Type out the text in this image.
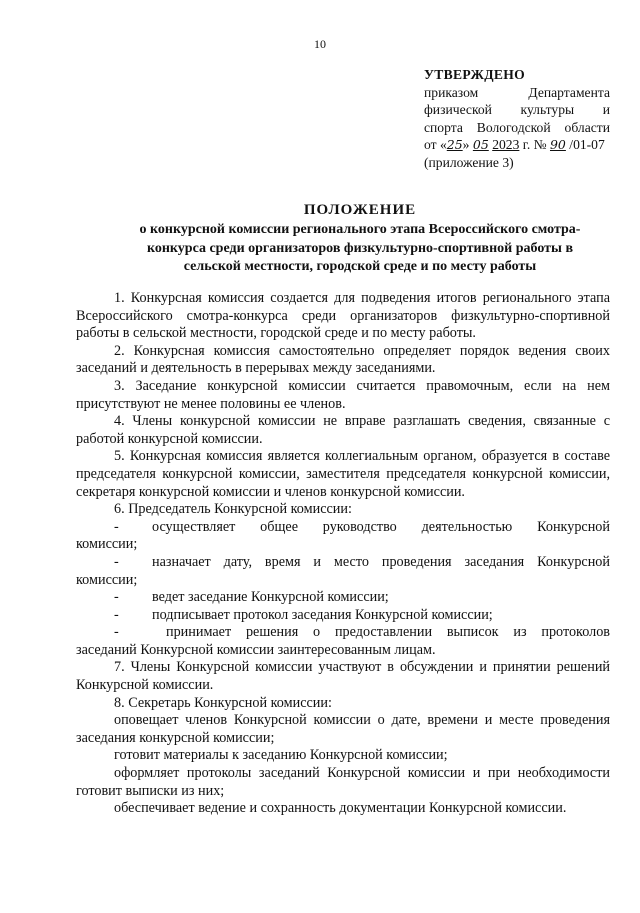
10
УТВЕРЖДЕНО
приказом Департамента
физической культуры и
спорта Вологодской области
от «25» 05 2023 г. № 90 /01-07
(приложение 3)
ПОЛОЖЕНИЕ
о конкурсной комиссии регионального этапа Всероссийского смотра-
конкурса среди организаторов физкультурно-спортивной работы в
сельской местности, городской среде и по месту работы

1. Конкурсная комиссия создается для подведения итогов регионального этапа Всероссийского смотра-конкурса среди организаторов физкультурно-спортивной работы в сельской местности, городской среде и по месту работы.

2. Конкурсная комиссия самостоятельно определяет порядок ведения своих заседаний и деятельность в перерывах между заседаниями.

3. Заседание конкурсной комиссии считается правомочным, если на нем присутствуют не менее половины ее членов.

4. Члены конкурсной комиссии не вправе разглашать сведения, связанные с работой конкурсной комиссии.

5. Конкурсная комиссия является коллегиальным органом, образуется в составе председателя конкурсной комиссии, заместителя председателя конкурсной комиссии, секретаря конкурсной комиссии и членов конкурсной комиссии.

6. Председатель Конкурсной комиссии:

- осуществляет общее руководство деятельностью Конкурсной

комиссии;

- назначает дату, время и место проведения заседания Конкурсной

комиссии;

- ведет заседание Конкурсной комиссии;

- подписывает протокол заседания Конкурсной комиссии;

-	принимает решения о предоставлении выписок из протоколов

заседаний Конкурсной комиссии заинтересованным лицам.

7. Члены Конкурсной комиссии участвуют в обсуждении и принятии решений Конкурсной комиссии.

8. Секретарь Конкурсной комиссии:

оповещает членов Конкурсной комиссии о дате, времени и месте проведения заседания конкурсной комиссии;

готовит материалы к заседанию Конкурсной комиссии;

оформляет протоколы заседаний Конкурсной комиссии и при необходимости готовит выписки из них;

обеспечивает ведение и сохранность документации Конкурсной комиссии.
